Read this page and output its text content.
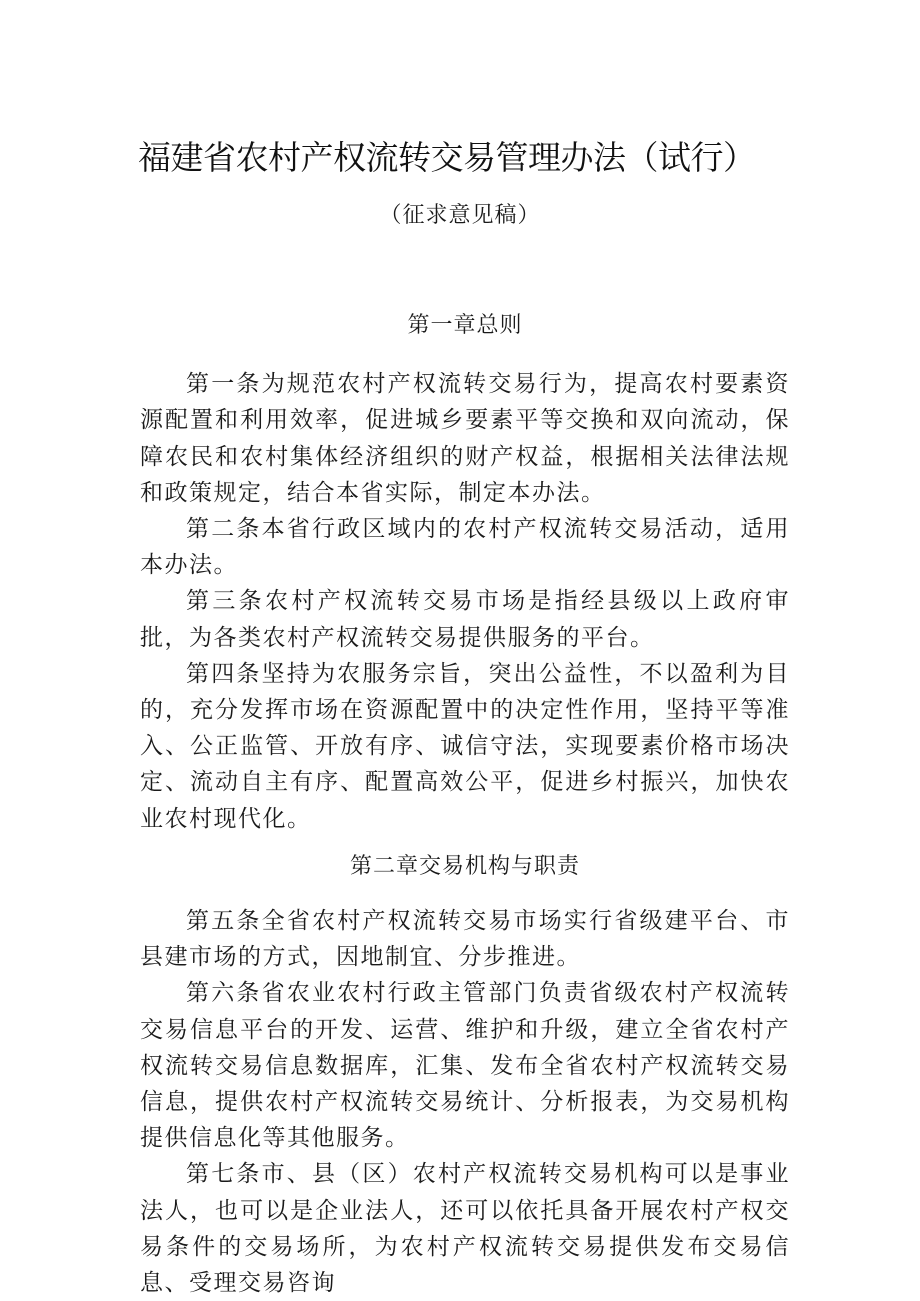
福建省农村产权流转交易管理办法（试行）
（征求意见稿）

第一章总则

第一条为规范农村产权流转交易行为，提高农村要素资源配置和利用效率，促进城乡要素平等交换和双向流动，保障农民和农村集体经济组织的财产权益，根据相关法律法规和政策规定，结合本省实际，制定本办法。

第二条本省行政区域内的农村产权流转交易活动，适用本办法。

第三条农村产权流转交易市场是指经县级以上政府审批，为各类农村产权流转交易提供服务的平台。

第四条坚持为农服务宗旨，突出公益性，不以盈利为目的，充分发挥市场在资源配置中的决定性作用，坚持平等准入、公正监管、开放有序、诚信守法，实现要素价格市场决定、流动自主有序、配置高效公平，促进乡村振兴，加快农业农村现代化。

第二章交易机构与职责

第五条全省农村产权流转交易市场实行省级建平台、市县建市场的方式，因地制宜、分步推进。

第六条省农业农村行政主管部门负责省级农村产权流转交易信息平台的开发、运营、维护和升级，建立全省农村产权流转交易信息数据库，汇集、发布全省农村产权流转交易信息，提供农村产权流转交易统计、分析报表，为交易机构提供信息化等其他服务。

第七条市、县（区）农村产权流转交易机构可以是事业法人，也可以是企业法人，还可以依托具备开展农村产权交易条件的交易场所，为农村产权流转交易提供发布交易信息、受理交易咨询
